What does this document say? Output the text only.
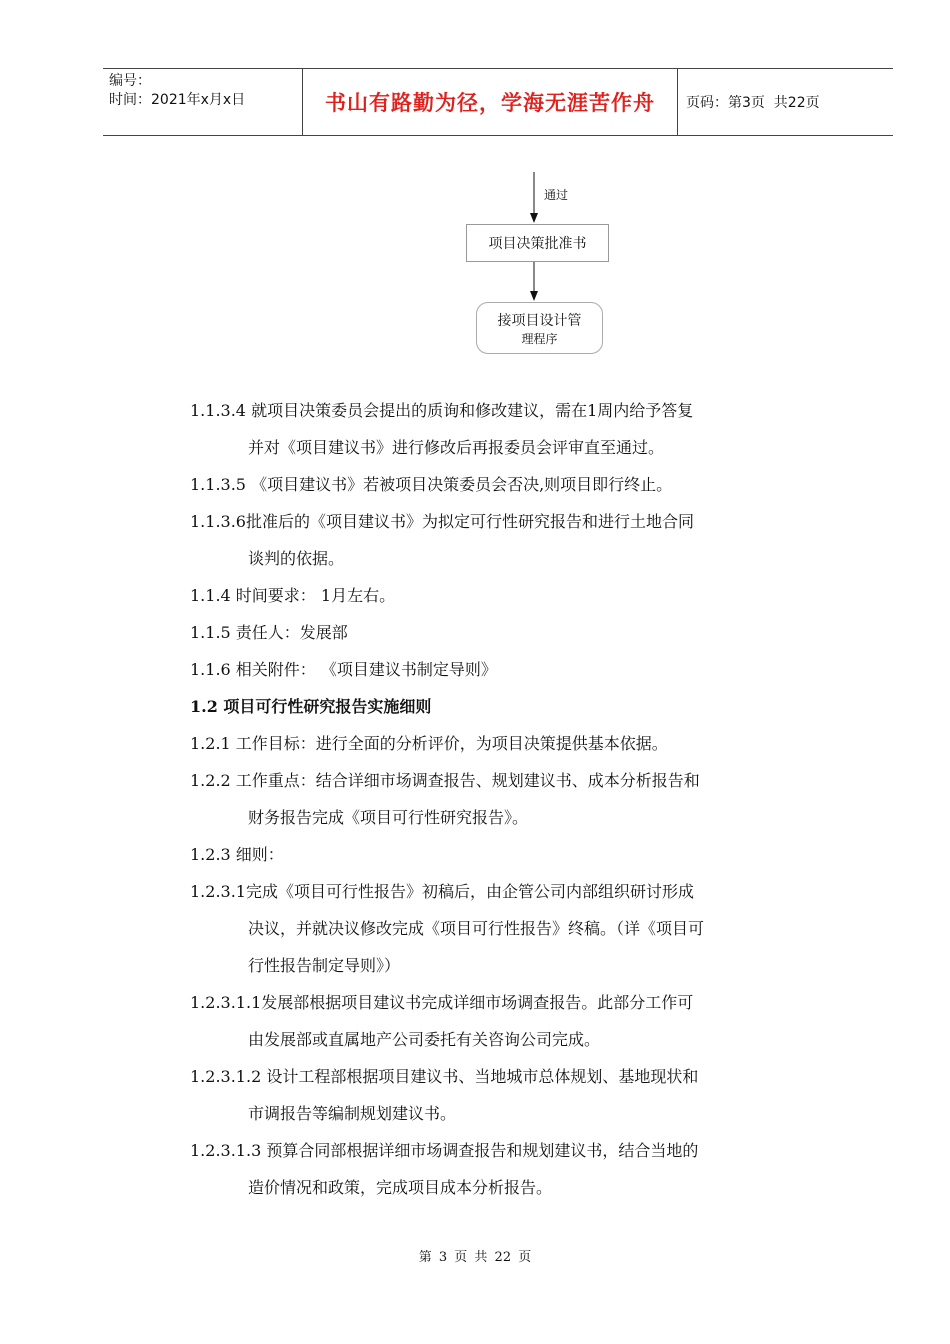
编号：
时间：2021年x月x日	书山有路勤为径，学海无涯苦作舟	页码：第3页  共22页
通过
项目决策批准书
接项目设计管
理程序
1.1.3.4 就项目决策委员会提出的质询和修改建议，需在1周内给予答复
并对《项目建议书》进行修改后再报委员会评审直至通过。
1.1.3.5 《项目建议书》若被项目决策委员会否决,则项目即行终止。
1.1.3.6批准后的《项目建议书》为拟定可行性研究报告和进行土地合同
谈判的依据。
1.1.4 时间要求： 1月左右。
1.1.5 责任人：发展部
1.1.6 相关附件： 《项目建议书制定导则》
1.2 项目可行性研究报告实施细则
1.2.1 工作目标：进行全面的分析评价，为项目决策提供基本依据。
1.2.2 工作重点：结合详细市场调查报告、规划建议书、成本分析报告和
财务报告完成《项目可行性研究报告》。
1.2.3 细则：
1.2.3.1完成《项目可行性报告》初稿后，由企管公司内部组织研讨形成
决议，并就决议修改完成《项目可行性报告》终稿。（详《项目可
行性报告制定导则》）
1.2.3.1.1发展部根据项目建议书完成详细市场调查报告。此部分工作可
由发展部或直属地产公司委托有关咨询公司完成。
1.2.3.1.2 设计工程部根据项目建议书、当地城市总体规划、基地现状和
市调报告等编制规划建议书。
1.2.3.1.3 预算合同部根据详细市场调查报告和规划建议书，结合当地的
造价情况和政策，完成项目成本分析报告。
第 3 页 共 22 页
